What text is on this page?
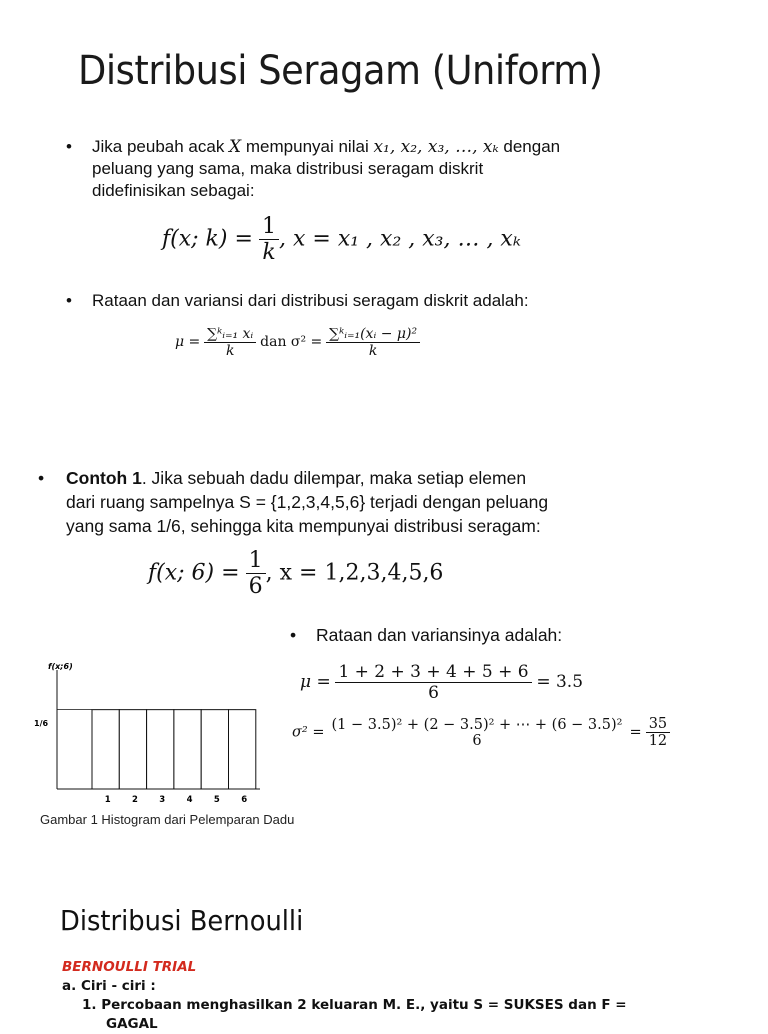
Distribusi Seragam (Uniform)
• Jika peubah acak X mempunyai nilai x₁, x₂, x₃, …, xₖ dengan
peluang yang sama, maka distribusi seragam diskrit
didefinisikan sebagai:
f(x; $k) = \frac{1}{k}$ , x = x₁ , x₂ , x₃, … , xₖ
• Rataan dan variansi dari distribusi seragam diskrit adalah:
$\mu = \frac{\text{∑ᵏᵢ₌₁ xᵢ}}{k}$ dan $\sigma^2 = \frac{\text{∑ᵏᵢ₌₁(xᵢ − μ)²}}{k}$
• Contoh 1. Jika sebuah dadu dilempar, maka setiap elemen
dari ruang sampelnya S = {1,2,3,4,5,6} terjadi dengan peluang
yang sama 1/6, sehingga kita mempunyai distribusi seragam:
f(x; $6) = \frac{1}{6}$ , x = 1,2,3,4,5,6
• Rataan dan variansinya adalah:
$\mu = \frac{1 + 2 + 3 + 4 + 5 + 6}{6} = 3.5$
σ² = (1 − 3.5)² + (2 − 3.5)² + ⋯ + (6 − 3.5)²
6
= $\frac{35}{12}$
f(x;6)
1/6
1	2	3	4	5	6
Gambar 1 Histogram dari Pelemparan Dadu
Distribusi Bernoulli
BERNOULLI TRIAL
a. Ciri - ciri :
1. Percobaan menghasilkan 2 keluaran M. E., yaitu S = SUKSES dan F =
GAGAL
